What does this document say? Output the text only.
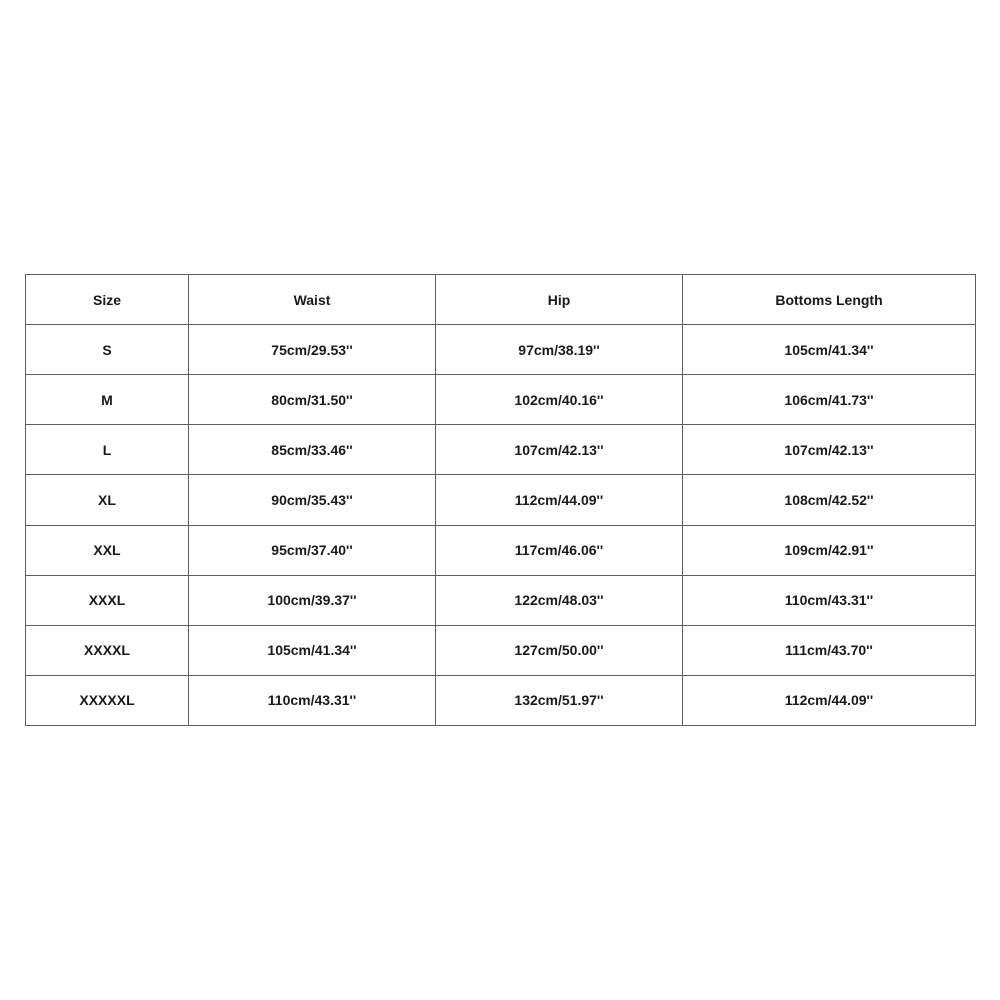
Size	Waist	Hip	Bottoms Length
S	75cm/29.53''	97cm/38.19''	105cm/41.34''
M	80cm/31.50''	102cm/40.16''	106cm/41.73''
L	85cm/33.46''	107cm/42.13''	107cm/42.13''
XL	90cm/35.43''	112cm/44.09''	108cm/42.52''
XXL	95cm/37.40''	117cm/46.06''	109cm/42.91''
XXXL	100cm/39.37''	122cm/48.03''	110cm/43.31''
XXXXL	105cm/41.34''	127cm/50.00''	111cm/43.70''
XXXXXL	110cm/43.31''	132cm/51.97''	112cm/44.09''
